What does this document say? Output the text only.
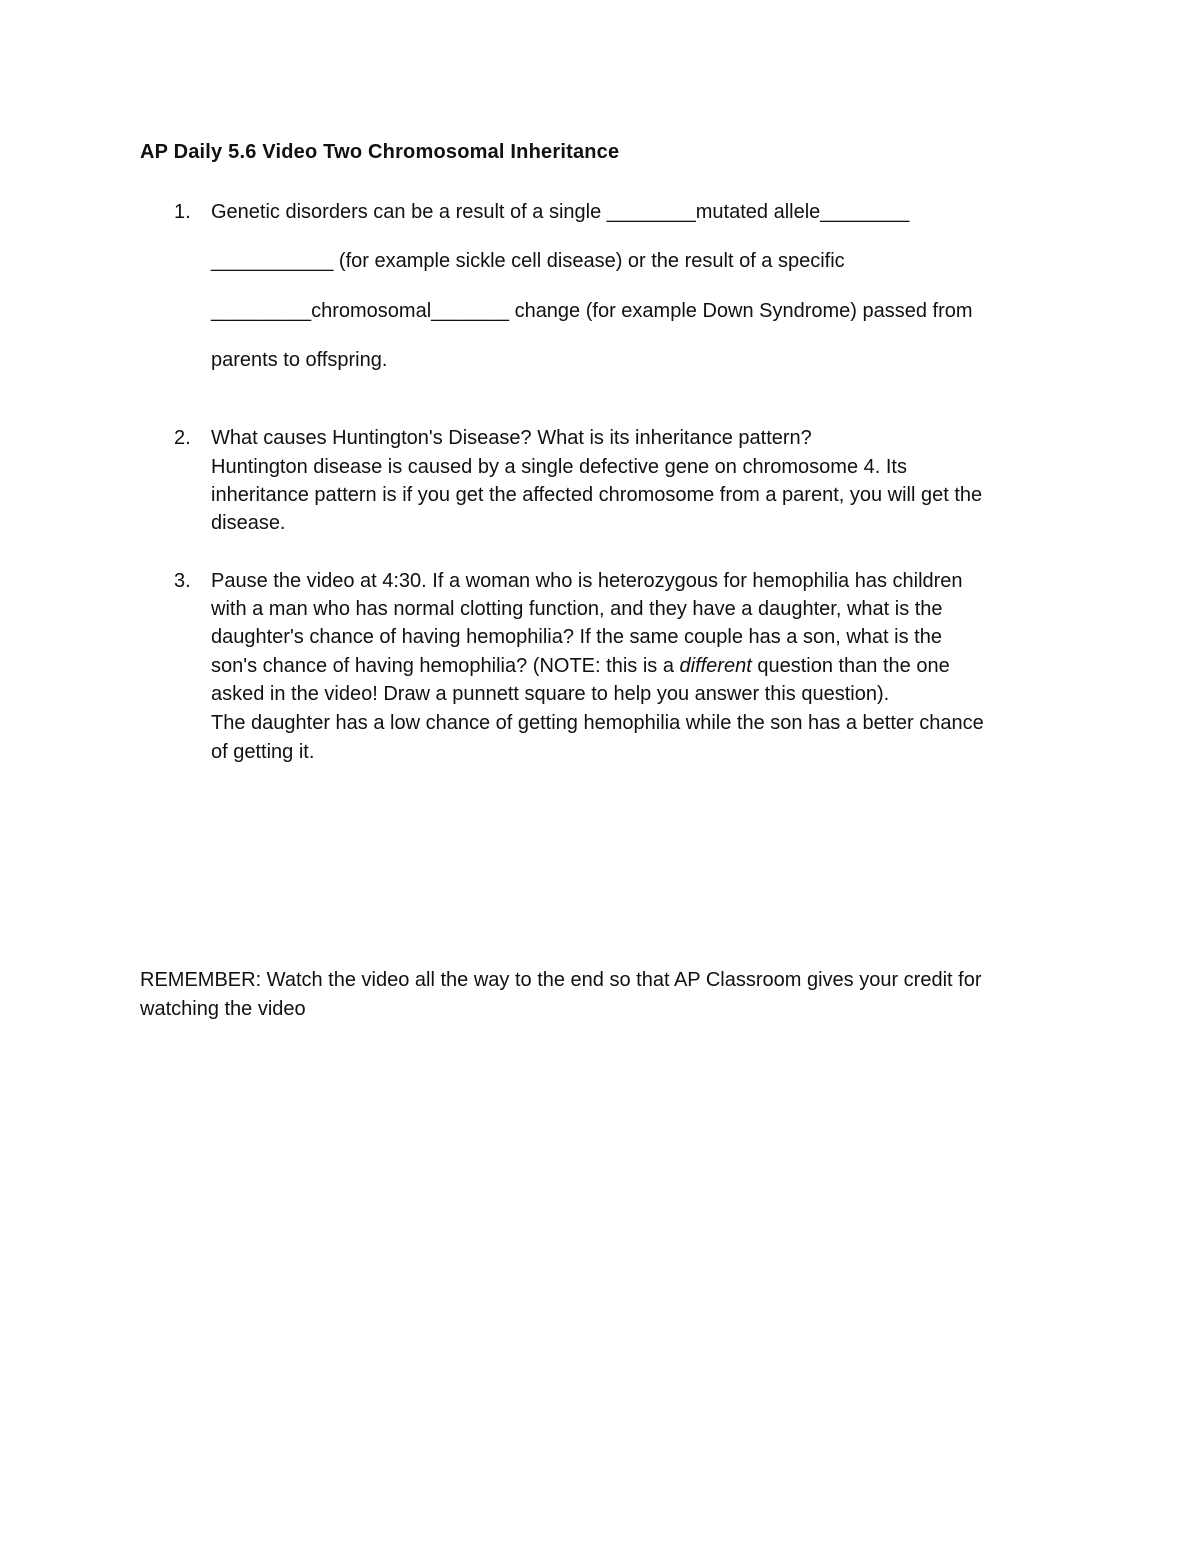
AP Daily 5.6 Video Two Chromosomal Inheritance
1. Genetic disorders can be a result of a single ________mutated allele________
___________ (for example sickle cell disease) or the result of a specific
_________chromosomal_______ change (for example Down Syndrome) passed from
parents to offspring.
2. What causes Huntington's Disease? What is its inheritance pattern?
Huntington disease is caused by a single defective gene on chromosome 4. Its
inheritance pattern is if you get the affected chromosome from a parent, you will get the
disease.
3. Pause the video at 4:30. If a woman who is heterozygous for hemophilia has children
with a man who has normal clotting function, and they have a daughter, what is the
daughter's chance of having hemophilia? If the same couple has a son, what is the
son's chance of having hemophilia? (NOTE: this is a different question than the one
asked in the video! Draw a punnett square to help you answer this question).
The daughter has a low chance of getting hemophilia while the son has a better chance
of getting it.
REMEMBER: Watch the video all the way to the end so that AP Classroom gives your credit for
watching the video
